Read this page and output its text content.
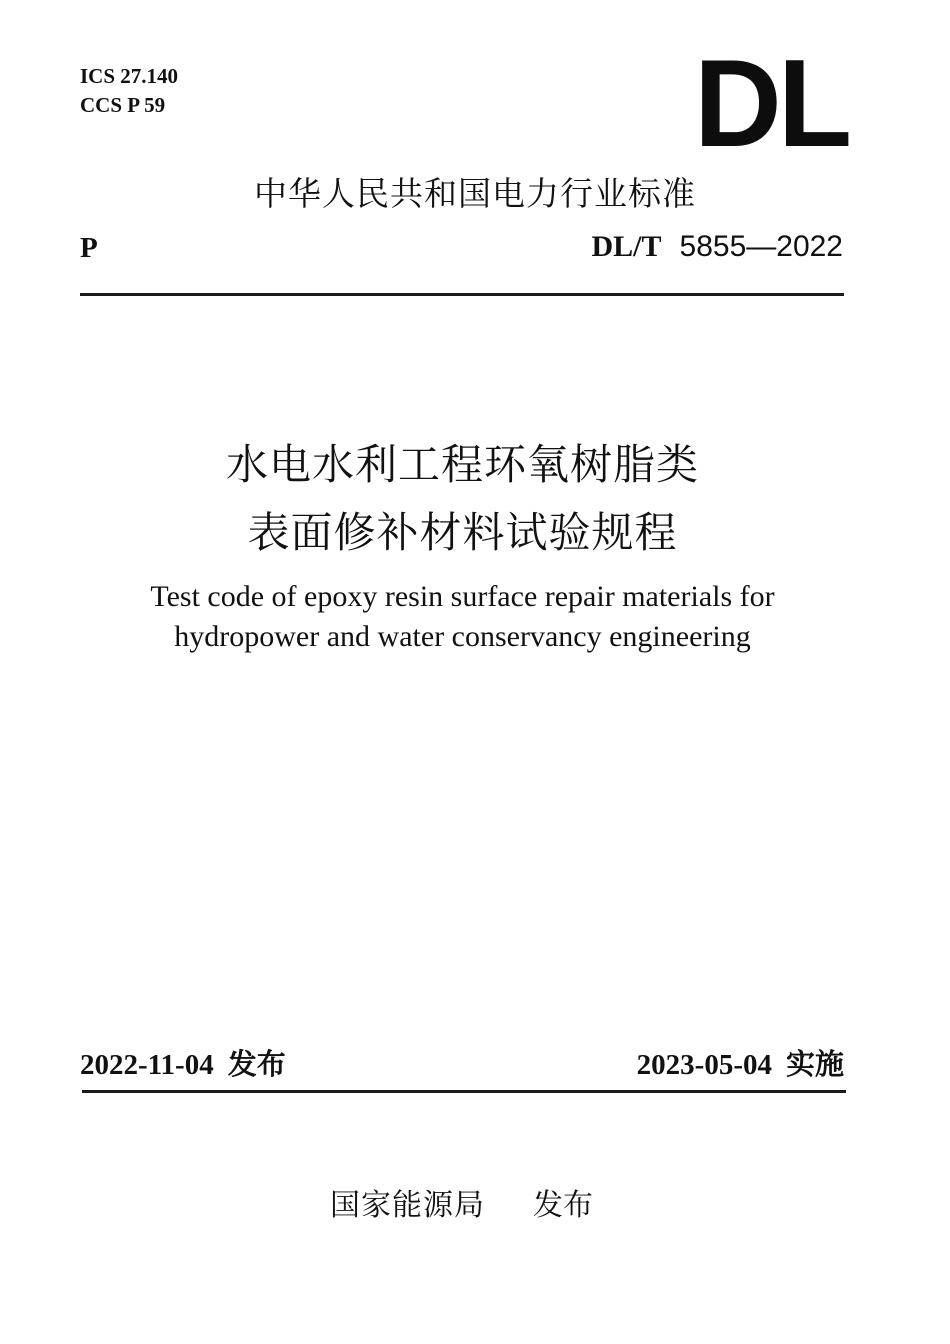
ICS 27.140
CCS P 59	DL
中华人民共和国电力行业标准
P	DL/T 5855—2022
水电水利工程环氧树脂类
表面修补材料试验规程
Test code of epoxy resin surface repair materials for
hydropower and water conservancy engineering
2022-11-04 发布	2023-05-04 实施
国家能源局 发布
